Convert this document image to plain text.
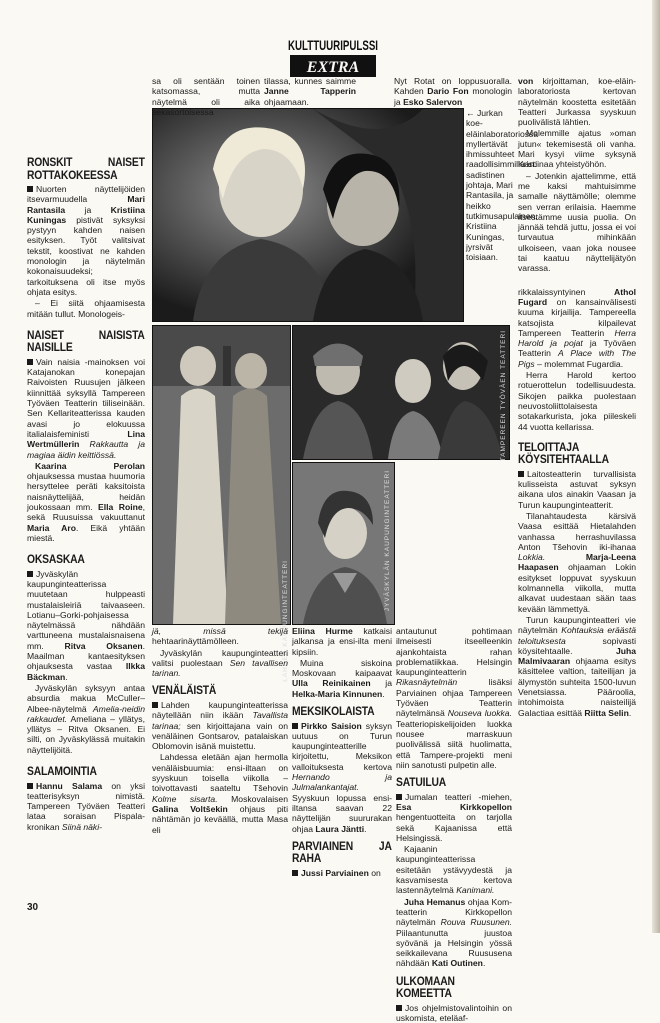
KULTTUURIPULSSI
EXTRA
← Jurkan koe-eläinlaboratoriossa myllertävät ihmissuhteet raadollisimmillaan: sadistinen johtaja, Mari Rantasila, ja heikko tutkimusapulainen, Kristiina Kuningas, jyrsivät toisiaan.
LAHDEN KAUPUNGINTEATTERI
TAMPEREEN TYÖVÄEN TEATTERI
JYVÄSKYLÄN KAUPUNGINTEATTERI
RONSKIT NAISET ROTTAKOKEESSA

Nuorten näyttelijöiden itsevarmuudella Mari Rantasila ja Kristiina Kuningas pistivät syksyksi pystyyn kahden naisen esityksen. Työt valitsivat tekstit, koostivat ne kahden monologin ja näytelmän kokonaisuudeksi; tarkoituksena oli itse myös ohjata esitys.

– Ei siitä ohjaamisesta mitään tullut. Monologeis-

NAISET NAISISTA NAISILLE

Vain naisia -mainoksen voi Katajanokan konepajan Raivoisten Ruusujen jälkeen kiinnittää syksyllä Tampereen Työväen Teatterin tiiliseinään. Sen Kellariteatterissa kauden avasi jo elokuussa italialaisfeministi Lina Wertmüllerin Rakkautta ja magiaa äidin keittiössä.

Kaarina Perolan ohjauksessa mustaa huumoria hersyttelee peräti kaksitoista naisnäyttelijää, heidän joukossaan mm. Ella Roine, sekä Ruusuissa vakuuttanut Maria Aro. Eikä yhtään miestä.

OKSASKAA

Jyväskylän kaupunginteatterissa muutetaan hulppeasti mustalaisleiriä taivaaseen. Lotianu–Gorki-pohjaisessa näytelmässä nähdään varttuneena mustalaisnaisena mm. Ritva Oksanen. Maailman kantaesityksen ohjauksesta vastaa Ilkka Bäckman.

Jyväskylän syksyyn antaa absurdia makua McCuller–Albee-näytelmä Amelia-neidin rakkaudet. Ameliana – yllätys, yllätys – Ritva Oksanen. Ei silti, on Jyväskylässä muitakin näyttelijöitä.

SALAMOINTIA

Hannu Salama on yksi teatterisyksyn nimistä. Tampereen Työväen Teatteri lataa soraisan Pispala-kronikan Siinä näki-

sa oli sentään toinen katsomassa, mutta näytelmä oli aika sekasortoisessa

tilassa, kunnes saimme Janne Tapperin ohjaamaan.

Nyt Rotat on loppusuoralla. Kahden Dario Fon monologin ja Esko Salervon

jä, missä tekijä hehtaarinäyttämölleen.

Jyväskylän kaupunginteatteri valitsi puolestaan Sen tavallisen tarinan.

VENÄLÄISTÄ

Lahden kaupunginteatterissa näytellään niin ikään Tavallista tarinaa; sen kirjoittajana vain on venäläinen Gontsarov, patalaiskan Oblomovin isänä muistettu.

Lahdessa eletään ajan hermolla venäläisbuumia: ensi-iltaan on syyskuun toisella viikolla – toivottavasti saateltu Tšehovin Kolme sisarta. Moskovalaisen Galina Voltšekin ohjaus piti nähtämän jo keväällä, mutta Masa eli

Eliina Hurme katkaisi jalkansa ja ensi-ilta meni kipsiin.

Muina siskoina Moskovaan kaipaavat Ulla Reinikainen ja Helka-Maria Kinnunen.

MEKSIKOLAISTA

Pirkko Saision syksyn uutuus on Turun kaupunginteatterille kirjoitettu, Meksikon valloituksesta kertova Hernando ja Julmalankantajat. Syyskuun lopussa ensi-iltansa saavan 22 näyttelijän suururakan ohjaa Laura Jäntti.

PARVIAINEN JA RAHA

Jussi Parviainen on

antautunut pohtimaan ilmeisesti itseelleenkin ajankohtaista rahan problematiikkaa. Helsingin kaupunginteatterin Rikasnäytelmän lisäksi Parviainen ohjaa Tampereen Työväen Teatterin näytelmänsä Nouseva luokka. Teatteriopiskelijoiden luokka nousee marraskuun puolivälissä siitä huolimatta, että Tampere-projekti meni niin sanotusti pulpetin alle.

SATUILUA

Jumalan teatteri -miehen, Esa Kirkkopellon hengentuotteita on tarjolla sekä Kajaanissa että Helsingissä.

Kajaanin kaupunginteatterissa esitetään ystävyydestä ja kasvamisesta kertova lastennäytelmä Kanimani.

Juha Hemanus ohjaa Kom-teatterin Kirkkopellon näytelmän Rouva Ruusunen. Piilaantunutta juustoa syövänä ja Helsingin yössä seikkailevana Ruususena nähdään Kati Outinen.

ULKOMAAN KOMEETTA

Jos ohjelmistovalintoihin on uskomista, eteläaf-

von kirjoittaman, koe-eläin-laboratoriosta kertovan näytelmän koostetta esitetään Teatteri Jurkassa syyskuun puolivälistä lähtien.

Molemmille ajatus »oman jutun« tekemisestä oli vanha. Mari kysyi viime syksynä Kristiinaa yhteistyöhön.

– Jotenkin ajattelimme, että me kaksi mahtuisimme samalle näyttämölle; olemme sen verran erilaisia. Haemme itsestämme uusia puolia. On jännää tehdä juttu, jossa ei voi turvautua mihinkään ulkoiseen, vaan joka nousee tai kaatuu näyttelijätyön varassa.

rikkalaissyntyinen Athol Fugard on kansainvälisesti kuuma kirjailija. Tampereella katsojista kilpailevat Tampereen Teatterin Herra Harold ja pojat ja Työväen Teatterin A Place with The Pigs – molemmat Fugardia.

Herra Harold kertoo rotuerottelun todellisuudesta. Sikojen paikka puolestaan neuvostoliittolaisesta sotakarkurista, joka piileskeli 44 vuotta kellarissa.

TELOITTAJA KÖYSITEHTAALLA

Laitosteatterin turvallisista kulisseista astuvat syksyn aikana ulos ainakin Vaasan ja Turun kaupunginteatterit.

Tilanahtaudesta kärsivä Vaasa esittää Hietalahden vanhassa herrashuvilassa Anton Tšehovin iki-ihanaa Lokkia.	Marja-Leena Haapasen ohjaaman Lokin esitykset loppuvat syyskuun kolmannella viikolla, mutta alkavat uudestaan sään taas kevään lämmettyä.

Turun kaupunginteatteri vie näytelmän Kohtauksia eräästä teloituksesta sopivasti köysitehtaalle. Juha Malmivaaran ohjaama esitys käsittelee valtion, taiteilijan ja älymystön suhteita 1500-luvun Venetsiassa. Pääroolia, intohimoista naisteilijä Galactiaa esittää Riitta Selin.

30
